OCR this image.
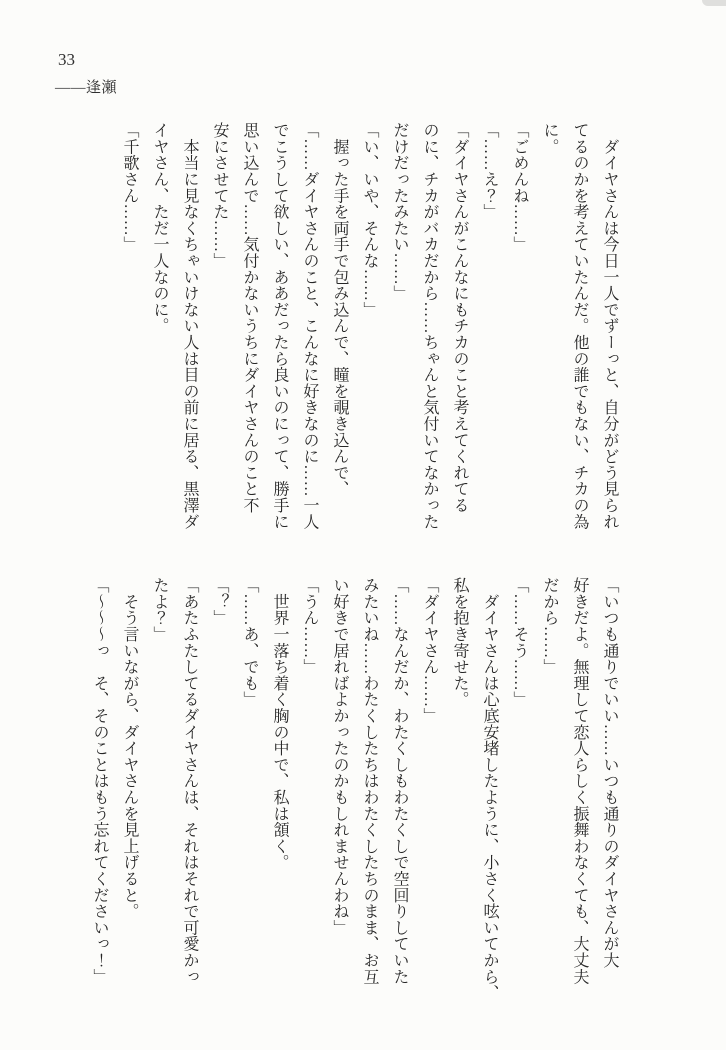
33
――逢瀬

　ダイヤさんは今日一人でずーっと、自分がどう見られ

てるのかを考えていたんだ。他の誰でもない、チカの為

に。

「ごめんね……」

「……え？」

「ダイヤさんがこんなにもチカのこと考えてくれてる

のに、チカがバカだから……ちゃんと気付いてなかった

だけだったみたい……」

「い、いや、そんな……」

　握った手を両手で包み込んで、瞳を覗き込んで、

「……ダイヤさんのこと、こんなに好きなのに……一人

でこうして欲しい、ああだったら良いのにって、勝手に

思い込んで……気付かないうちにダイヤさんのこと不

安にさせてた……」

　本当に見なくちゃいけない人は目の前に居る、黒澤ダ

イヤさん、ただ一人なのに。

「千歌さん……」

「いつも通りでいい……いつも通りのダイヤさんが大

好きだよ。無理して恋人らしく振舞わなくても、大丈夫

だから……」

「……そう……」

　ダイヤさんは心底安堵したように、小さく呟いてから、

私を抱き寄せた。

「ダイヤさん……」

「……なんだか、わたくしもわたくしで空回りしていた

みたいね……わたくしたちはわたくしたちのまま、お互

い好きで居ればよかったのかもしれませんわね」

「うん……」

　世界一落ち着く胸の中で、私は頷く。

「……あ、でも」

「？」

「あたふたしてるダイヤさんは、それはそれで可愛かっ

たよ？」

　そう言いながら、ダイヤさんを見上げると。

「～～～っ　そ、そのことはもう忘れてくださいっ！」
